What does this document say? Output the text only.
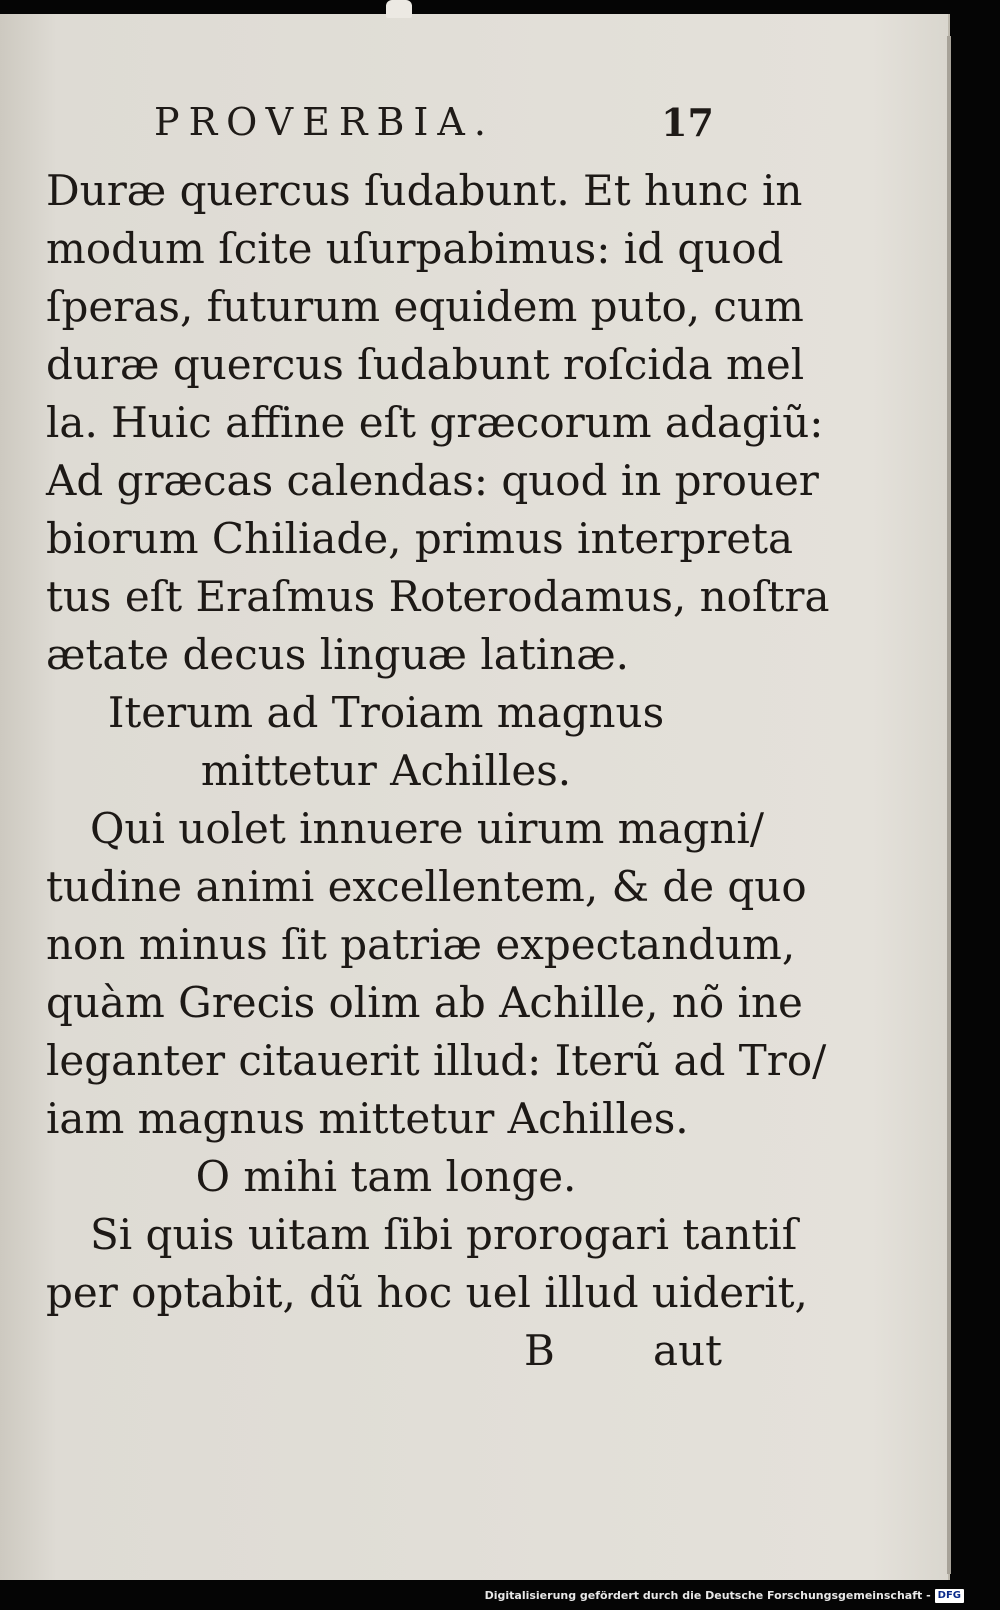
PROVERBIA.	17
Duræ quercus ſudabunt. Et hunc in
modum ſcite uſurpabimus: id quod
ſperas, futurum equidem puto, cum
duræ quercus ſudabunt roſcida mel
la. Huic affine eſt græcorum adagiũ:
Ad græcas calendas: quod in prouer
biorum Chiliade, primus interpreta
tus eſt Eraſmus Roterodamus, noſtra
ætate decus linguæ latinæ.
Iterum ad Troiam magnus
mittetur Achilles.
Qui uolet innuere uirum magni/
tudine animi excellentem, & de quo
non minus ſit patriæ expectandum,
quàm Grecis olim ab Achille, nõ ine
leganter citauerit illud: Iterũ ad Tro/
iam magnus mittetur Achilles.
O mihi tam longe.
Si quis uitam ſibi prorogari tantiſ
per optabit, dũ hoc uel illud uiderit,
B aut
Digitalisierung gefördert durch die Deutsche Forschungsgemeinschaft - DFG
